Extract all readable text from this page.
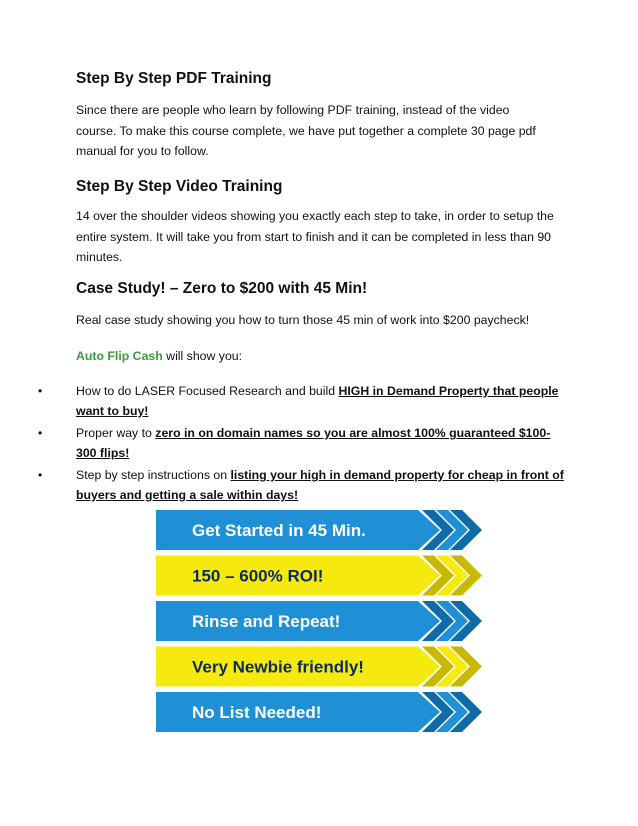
Step By Step PDF Training

Since there are people who learn by following PDF training, instead of the video
course. To make this course complete, we have put together a complete 30 page pdf
manual for you to follow.

Step By Step Video Training

14 over the shoulder videos showing you exactly each step to take, in order to setup the
entire system. It will take you from start to finish and it can be completed in less than 90
minutes.

Case Study! – Zero to $200 with 45 Min!

Real case study showing you how to turn those 45 min of work into $200 paycheck!

Auto Flip Cash will show you:

•	How to do LASER Focused Research and build HIGH in Demand Property that people want to buy!
•	Proper way to zero in on domain names so you are almost 100% guaranteed $100-300 flips!
•	Step by step instructions on listing your high in demand property for cheap in front of buyers and getting a sale within days!
Get Started in 45 Min.
150 – 600% ROI!
Rinse and Repeat!
Very Newbie friendly!
No List Needed!
